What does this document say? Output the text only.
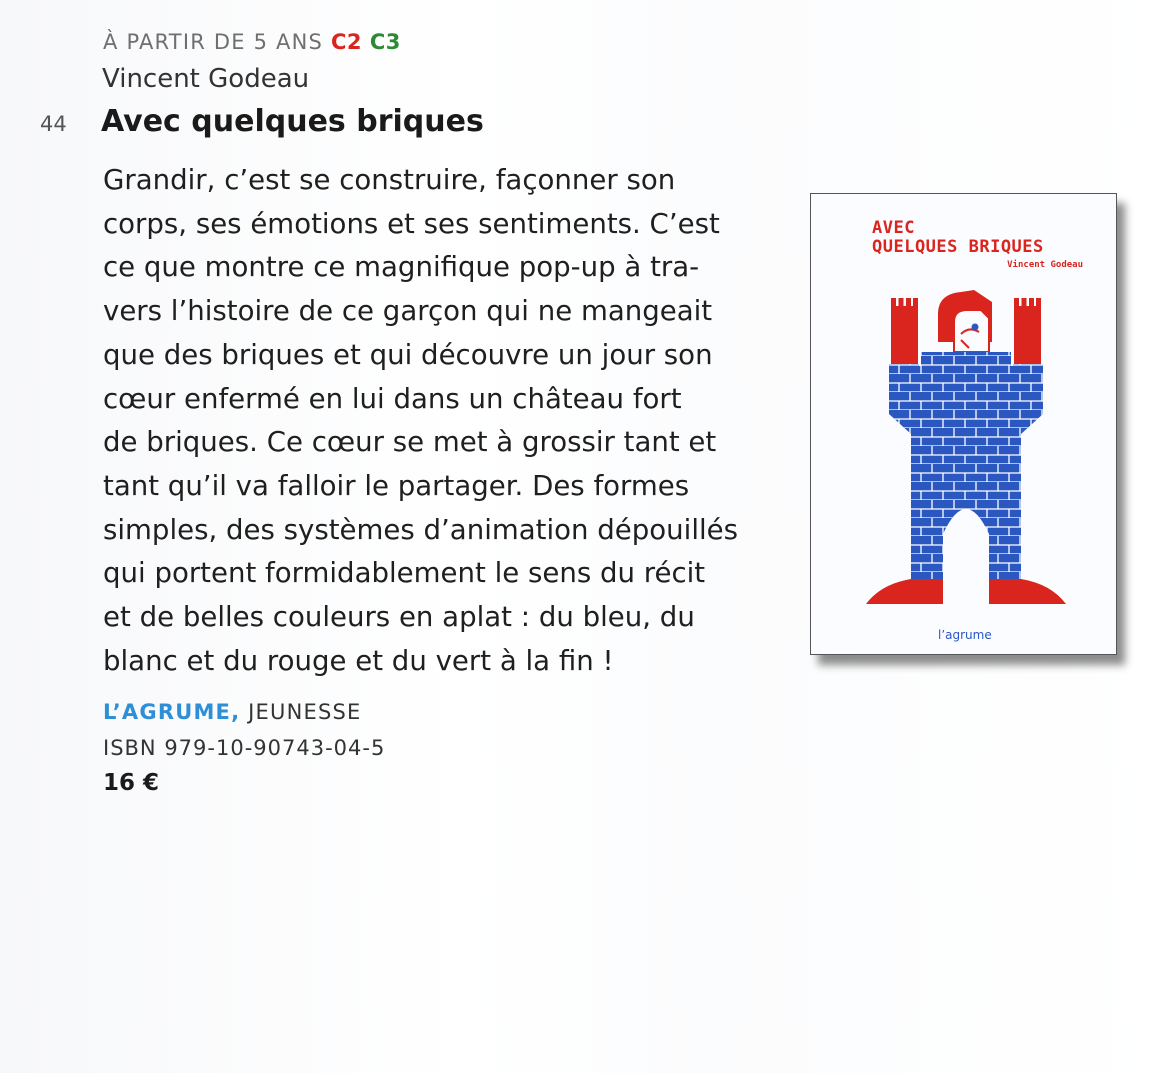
À PARTIR DE 5 ANS C2 C3
Vincent Godeau
44 Avec quelques briques

Grandir, c’est se construire, façonner son
corps, ses émotions et ses sentiments. C’est
ce que montre ce magnifique pop-up à tra-
vers l’histoire de ce garçon qui ne mangeait
que des briques et qui découvre un jour son
cœur enfermé en lui dans un château fort
de briques. Ce cœur se met à grossir tant et
tant qu’il va falloir le partager. Des formes
simples, des systèmes d’animation dépouillés
qui portent formidablement le sens du récit
et de belles couleurs en aplat : du bleu, du
blanc et du rouge et du vert à la fin !

L’AGRUME, JEUNESSE
ISBN 979-10-90743-04-5
16 €
AVEC
QUELQUES BRIQUES
Vincent Godeau
l’agrume
